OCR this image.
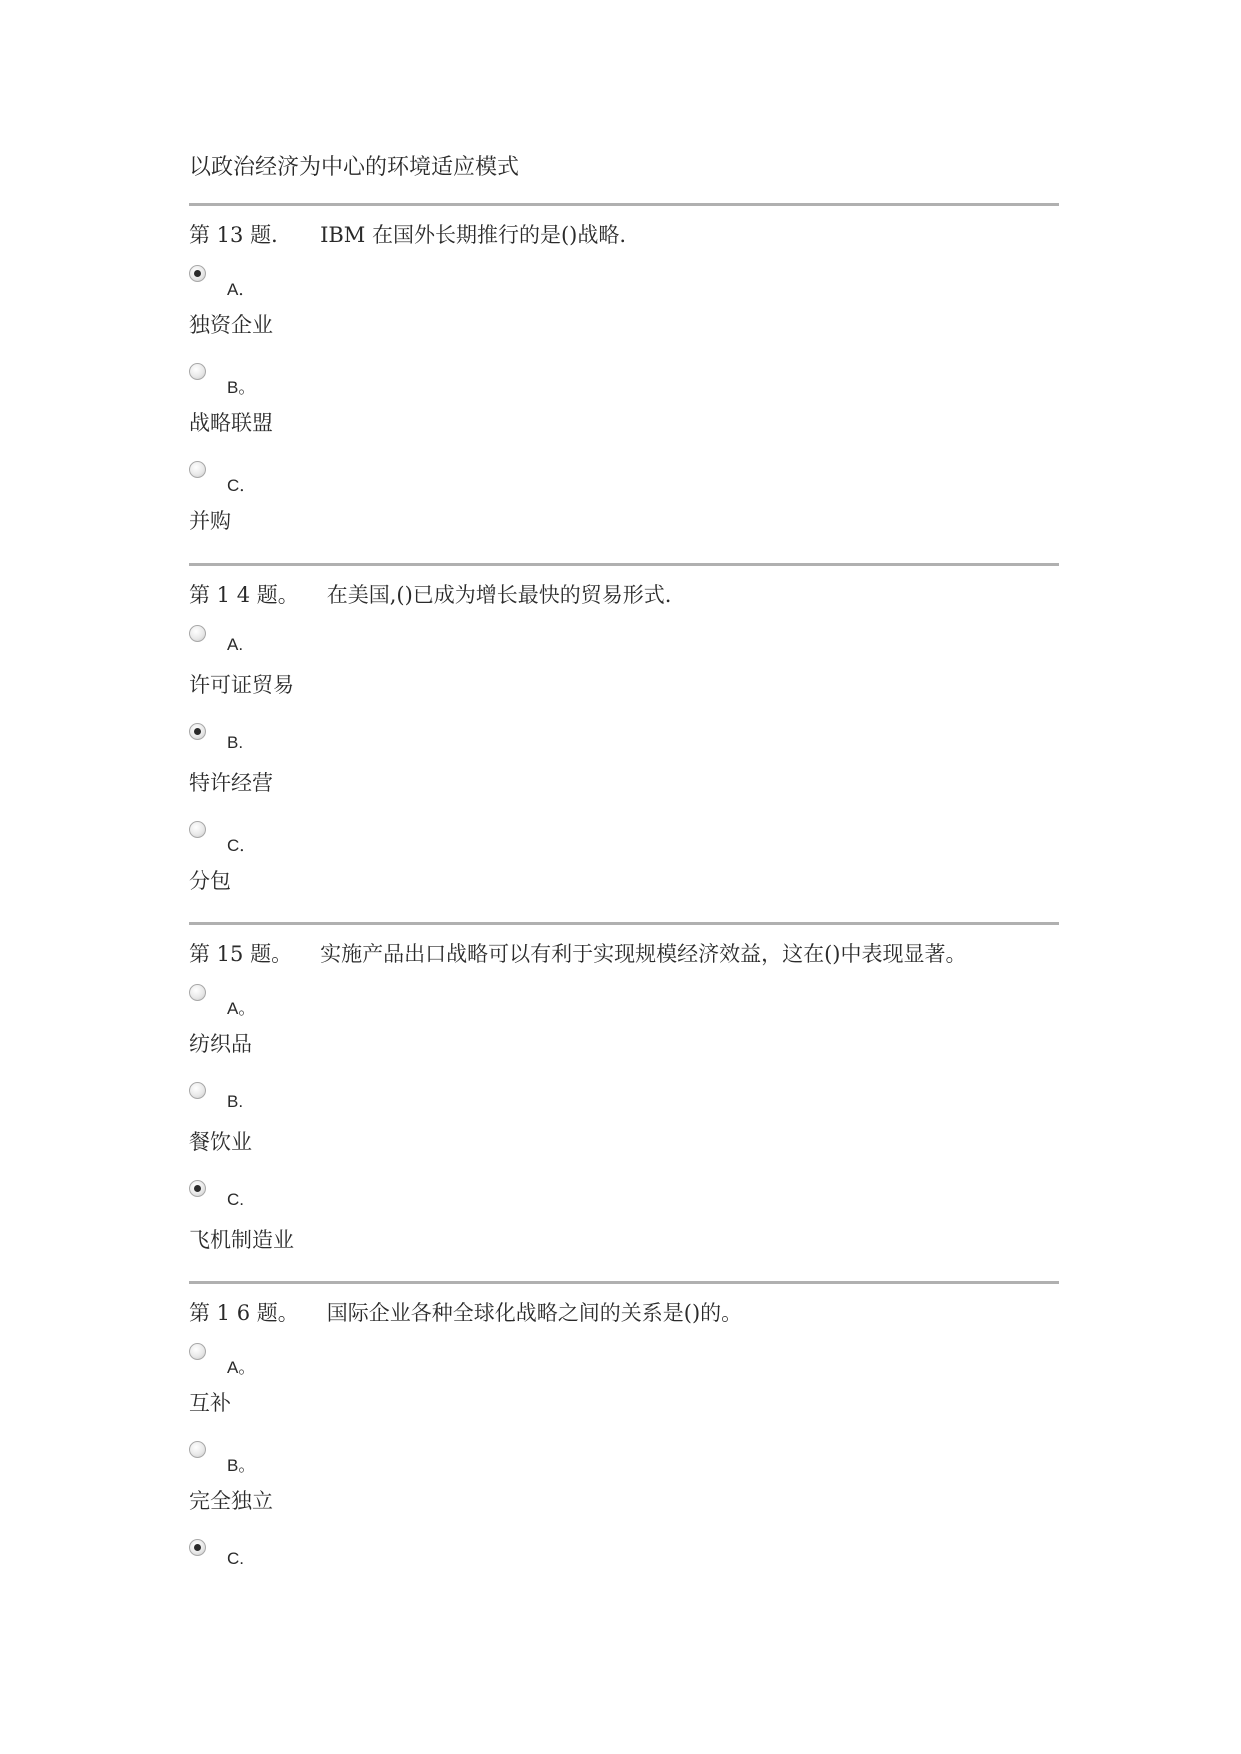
以政治经济为中心的环境适应模式
第 13 题． IBM 在国外长期推行的是()战略.
A．
独资企业
B。
战略联盟
C．
并购
第 1 4 题。 在美国,()已成为增长最快的贸易形式.
A.
许可证贸易
B.
特许经营
C．
分包
第 15 题。 实施产品出口战略可以有利于实现规模经济效益，这在()中表现显著。
A。
纺织品
B.
餐饮业
C.
飞机制造业
第 1 6 题。 国际企业各种全球化战略之间的关系是()的。
A。
互补
B。
完全独立
C.
